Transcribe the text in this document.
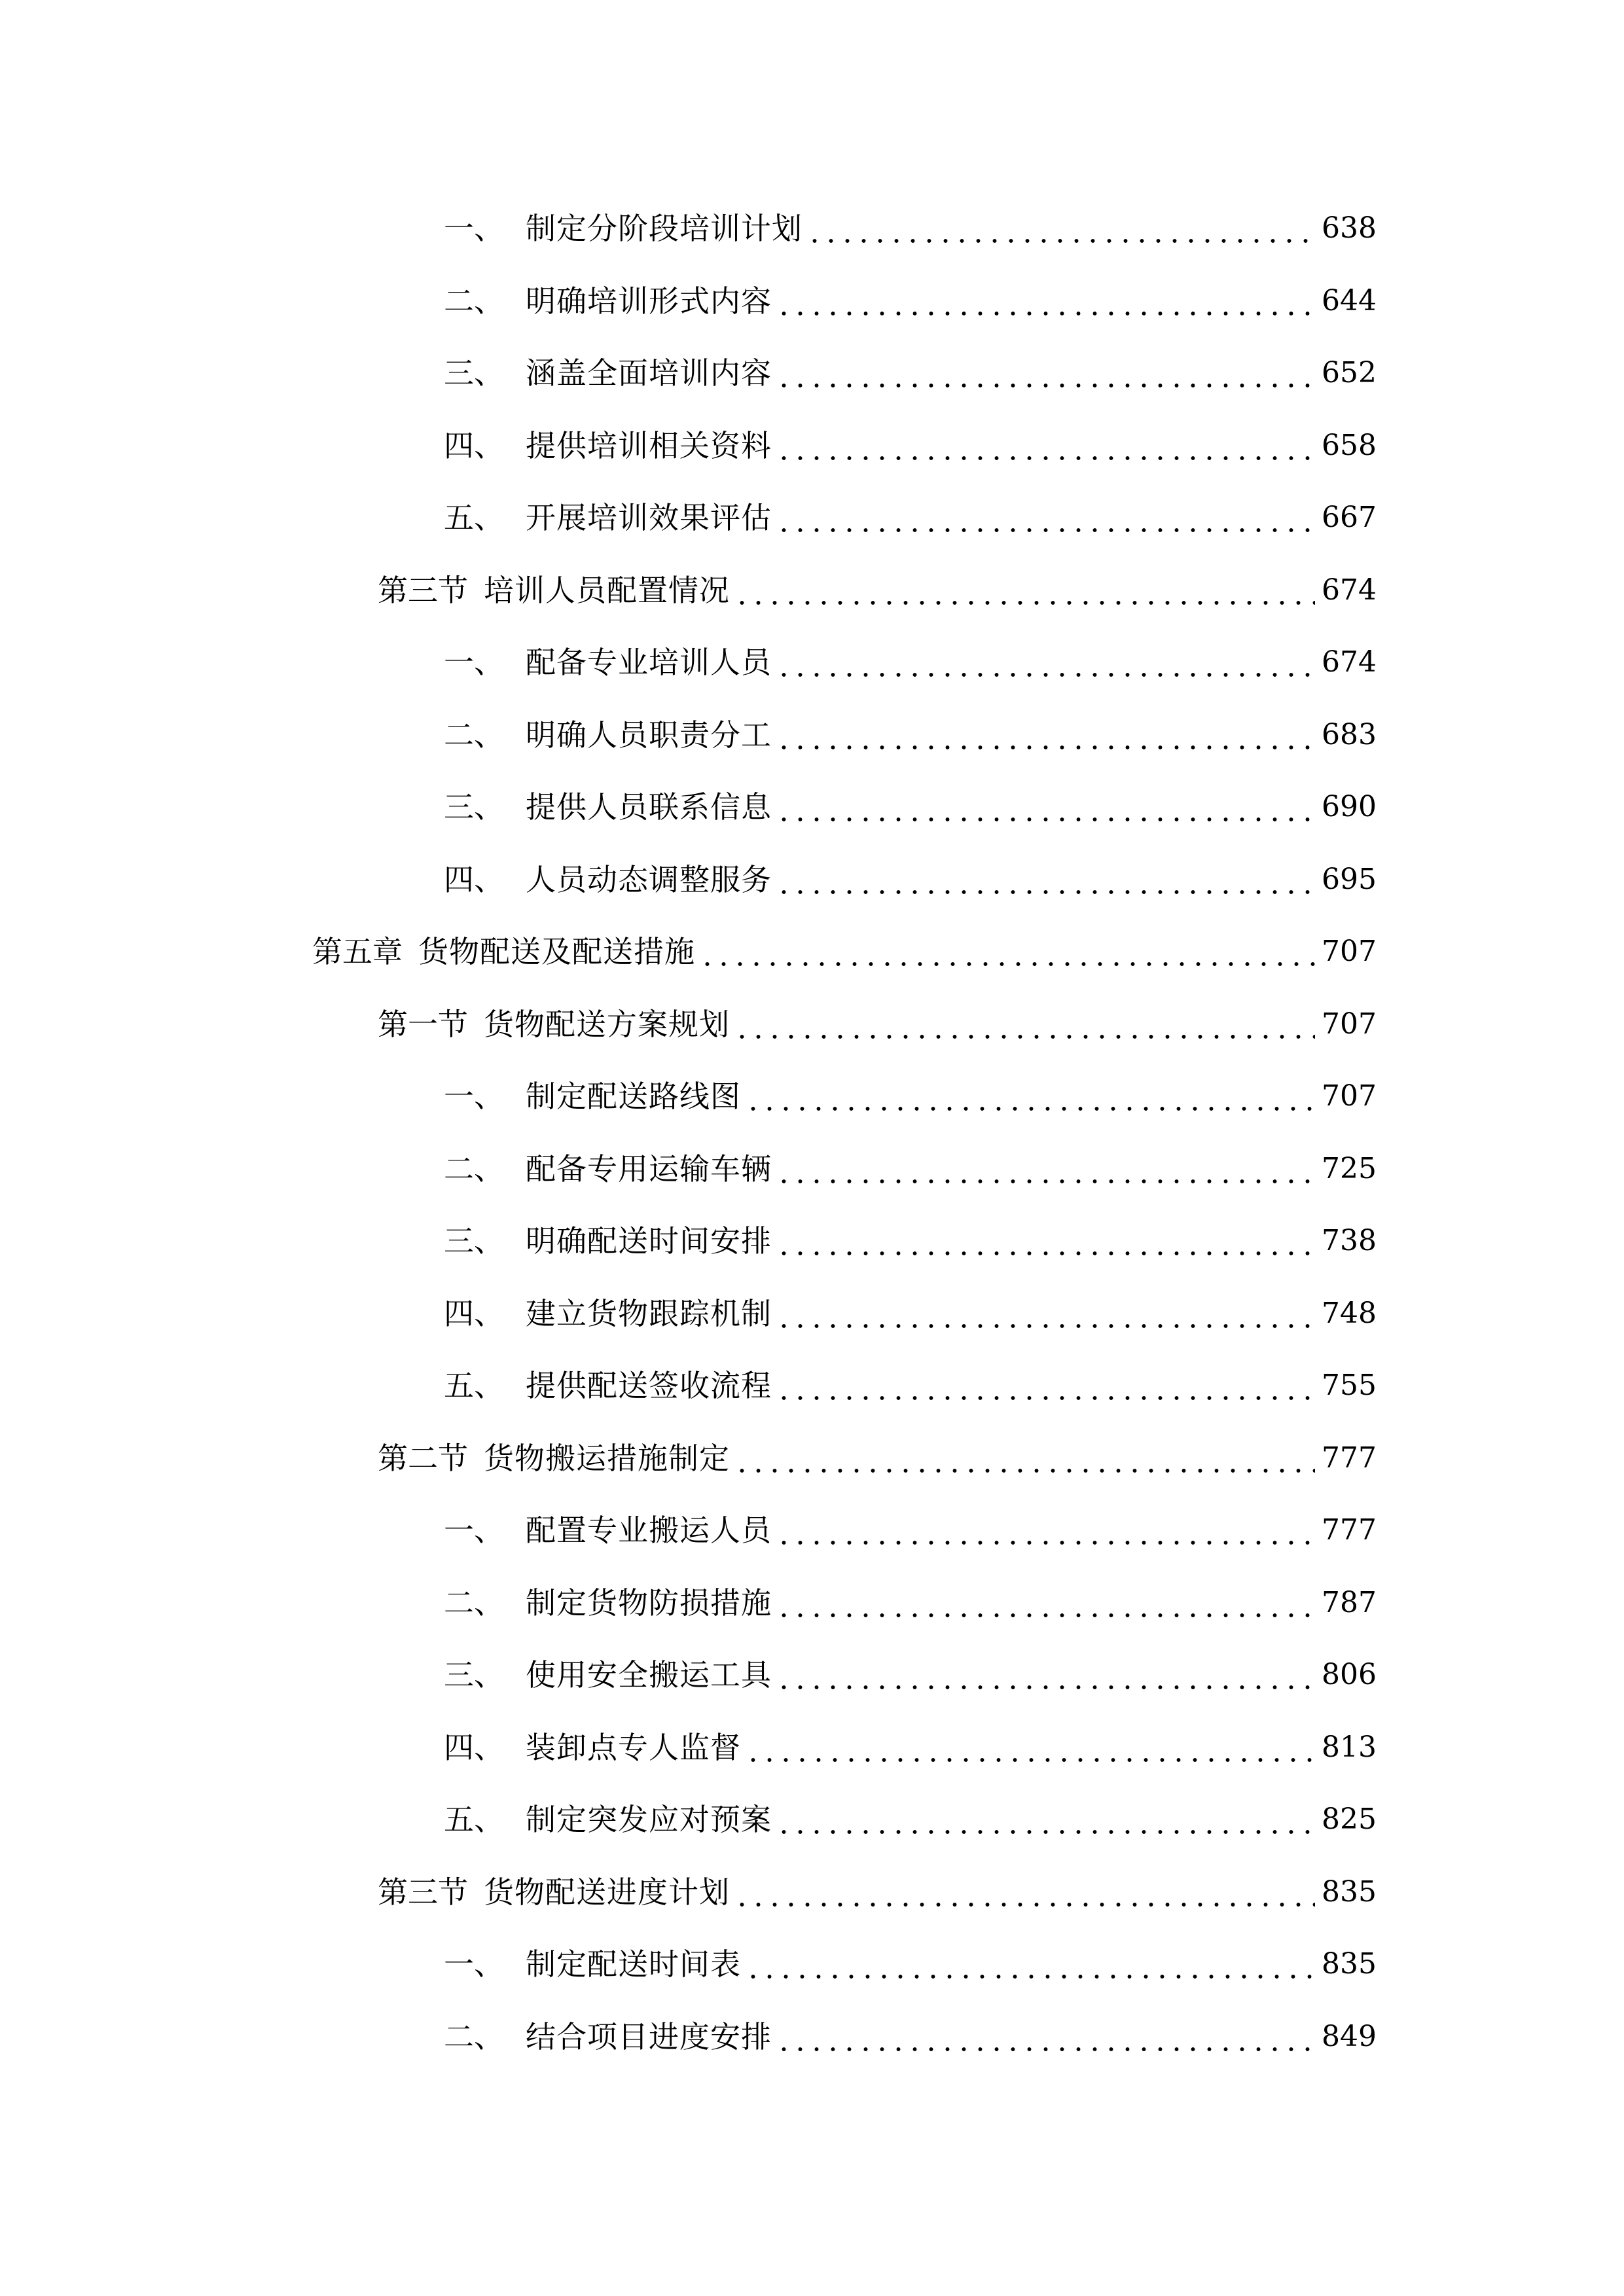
一、 制定分阶段培训计划	638
二、 明确培训形式内容	644
三、 涵盖全面培训内容	652
四、 提供培训相关资料	658
五、 开展培训效果评估	667
第三节 培训人员配置情况	674
一、 配备专业培训人员	674
二、 明确人员职责分工	683
三、 提供人员联系信息	690
四、 人员动态调整服务	695
第五章 货物配送及配送措施	707
第一节 货物配送方案规划	707
一、 制定配送路线图	707
二、 配备专用运输车辆	725
三、 明确配送时间安排	738
四、 建立货物跟踪机制	748
五、 提供配送签收流程	755
第二节 货物搬运措施制定	777
一、 配置专业搬运人员	777
二、 制定货物防损措施	787
三、 使用安全搬运工具	806
四、 装卸点专人监督	813
五、 制定突发应对预案	825
第三节 货物配送进度计划	835
一、 制定配送时间表	835
二、 结合项目进度安排	849
